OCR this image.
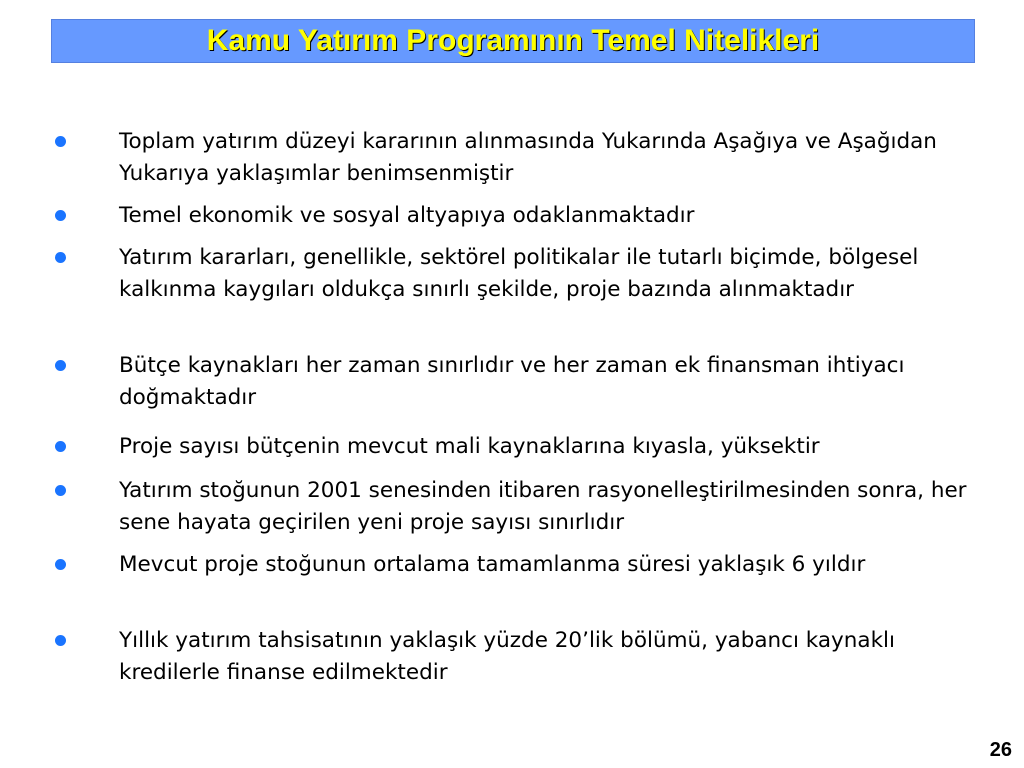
Kamu Yatırım Programının Temel Nitelikleri
Toplam yatırım düzeyi kararının alınmasında Yukarında Aşağıya ve Aşağıdan Yukarıya yaklaşımlar benimsenmiştir
Temel ekonomik ve sosyal altyapıya odaklanmaktadır
Yatırım kararları, genellikle, sektörel politikalar ile tutarlı biçimde, bölgesel kalkınma kaygıları oldukça sınırlı şekilde, proje bazında alınmaktadır
Bütçe kaynakları her zaman sınırlıdır ve her zaman ek finansman ihtiyacı doğmaktadır
Proje sayısı bütçenin mevcut mali kaynaklarına kıyasla, yüksektir
Yatırım stoğunun 2001 senesinden itibaren rasyonelleştirilmesinden sonra, her sene hayata geçirilen yeni proje sayısı sınırlıdır
Mevcut proje stoğunun ortalama tamamlanma süresi yaklaşık 6 yıldır
Yıllık yatırım tahsisatının yaklaşık yüzde 20’lik bölümü, yabancı kaynaklı kredilerle finanse edilmektedir
26
